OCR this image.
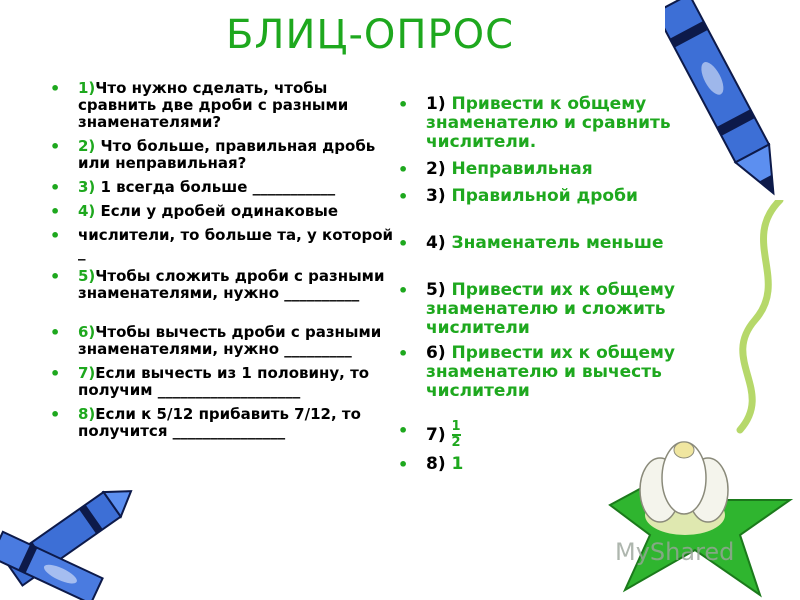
БЛИЦ-ОПРОС
• 1)Что нужно сделать, чтобы сравнить две дроби с разными знаменателями?
• 2) Что больше, правильная дробь или неправильная?
• 3) 1 всегда больше ___________
• 4) Если у дробей одинаковые
• числители, то больше та, у которой _
• 5)Чтобы сложить дроби с разными знаменателями, нужно __________
• 6)Чтобы вычесть дроби с разными знаменателями, нужно _________
• 7)Если вычесть из 1 половину, то получим ___________________
• 8)Если к 5/12 прибавить 7/12, то получится _______________
• 1) Привести к общему знаменателю и сравнить числители.
• 2) Неправильная
• 3) Правильной дроби
• 4) Знаменатель меньше
• 5) Привести их к общему знаменателю и сложить числители
• 6) Привести их к общему знаменателю и вычесть числители
• $7) \frac{1}{2}$
• 8) 1
MyShared
